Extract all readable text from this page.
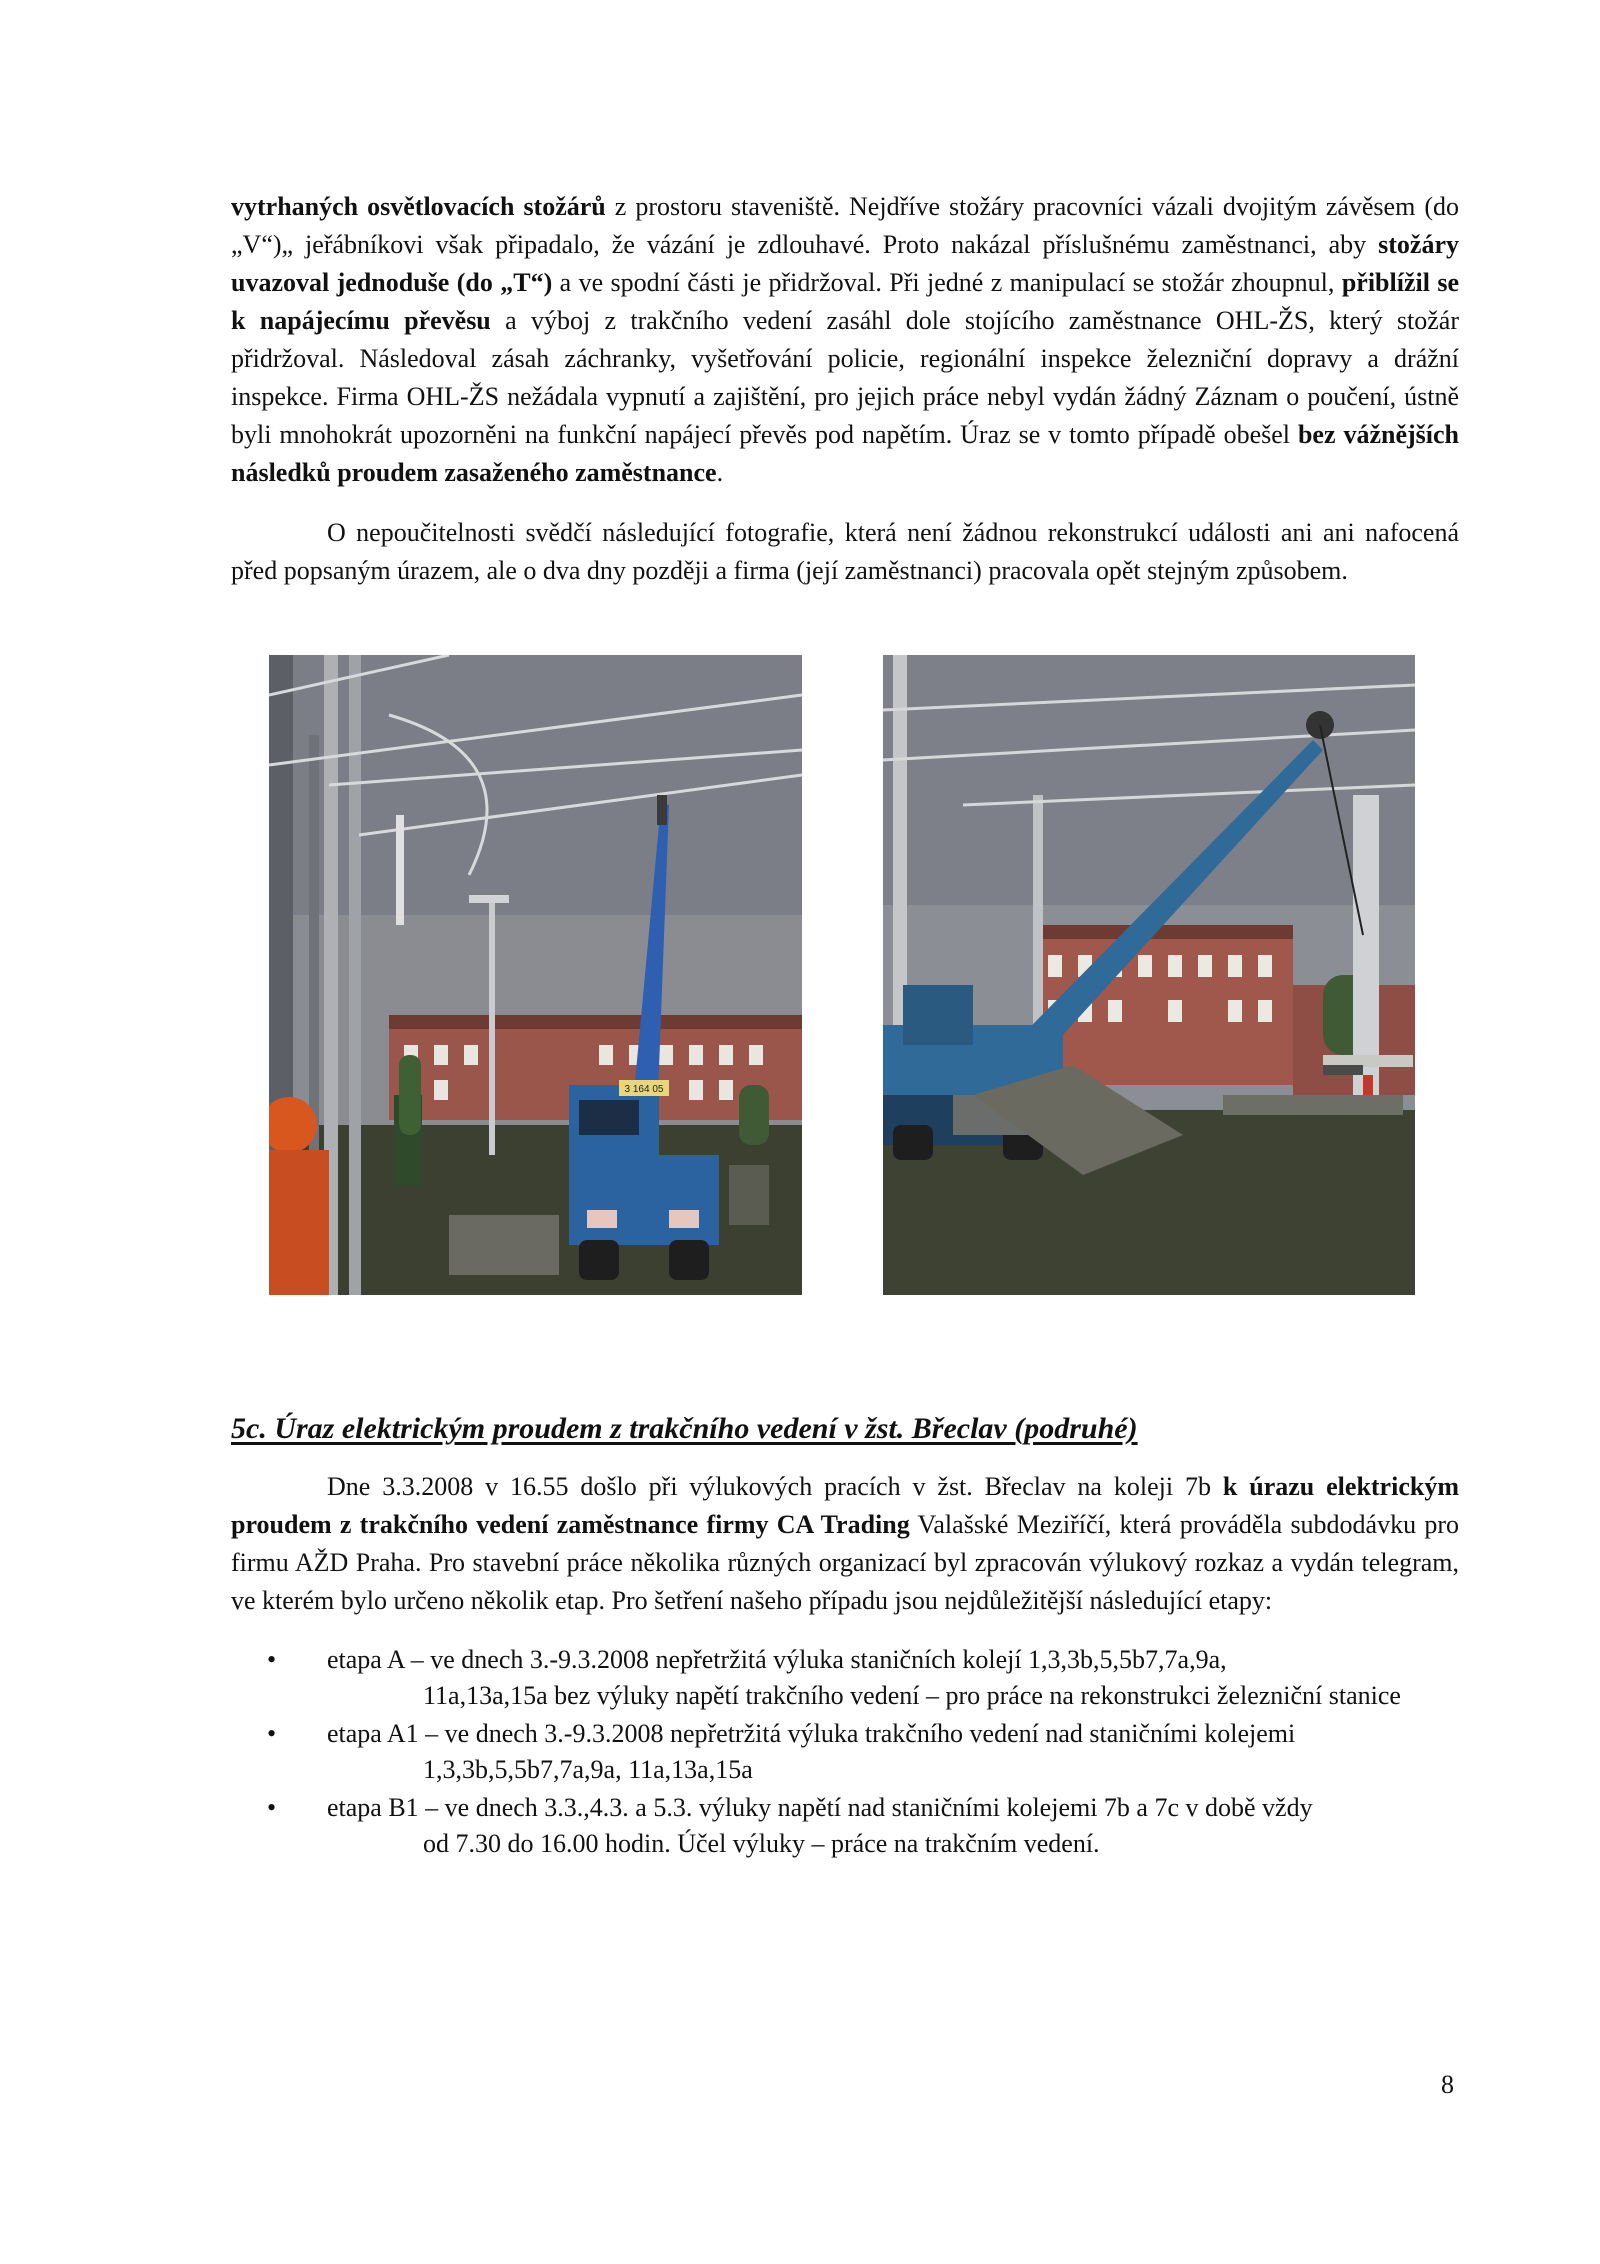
vytrhaných osvětlovacích stožárů z prostoru staveniště. Nejdříve stožáry pracovníci vázali dvojitým závěsem (do „V“)„ jeřábníkovi však připadalo, že vázání je zdlouhavé. Proto nakázal příslušnému zaměstnanci, aby stožáry uvazoval jednoduše (do „T“) a ve spodní části je přidržoval. Při jedné z manipulací se stožár zhoupnul, přiblížil se k napájecímu převěsu a výboj z trakčního vedení zasáhl dole stojícího zaměstnance OHL-ŽS, který stožár přidržoval. Následoval zásah záchranky, vyšetřování policie, regionální inspekce železniční dopravy a drážní inspekce. Firma OHL-ŽS nežádala vypnutí a zajištění, pro jejich práce nebyl vydán žádný Záznam o poučení, ústně byli mnohokrát upozorněni na funkční napájecí převěs pod napětím. Úraz se v tomto případě obešel bez vážnějších následků proudem zasaženého zaměstnance.

O nepoučitelnosti svědčí následující fotografie, která není žádnou rekonstrukcí události ani ani nafocená před popsaným úrazem, ale o dva dny později a firma (její zaměstnanci) pracovala opět stejným způsobem.

3 164 05
5c. Úraz elektrickým proudem z trakčního vedení v žst. Břeclav (podruhé)

Dne 3.3.2008 v 16.55 došlo při výlukových pracích v žst. Břeclav na koleji 7b k úrazu elektrickým proudem z trakčního vedení zaměstnance firmy CA Trading Valašské Meziříčí, která prováděla subdodávku pro firmu AŽD Praha. Pro stavební práce několika různých organizací byl zpracován výlukový rozkaz a vydán telegram, ve kterém bylo určeno několik etap. Pro šetření našeho případu jsou nejdůležitější následující etapy:

• etapa A – ve dnech 3.-9.3.2008 nepřetržitá výluka staničních kolejí 1,3,3b,5,5b7,7a,9a,
11a,13a,15a bez výluky napětí trakčního vedení – pro práce na rekonstrukci železniční stanice
• etapa A1 – ve dnech 3.-9.3.2008 nepřetržitá výluka trakčního vedení nad staničními kolejemi
1,3,3b,5,5b7,7a,9a, 11a,13a,15a
• etapa B1 – ve dnech 3.3.,4.3. a 5.3. výluky napětí nad staničními kolejemi 7b a 7c v době vždy
od 7.30 do 16.00 hodin. Účel výluky – práce na trakčním vedení.
8
